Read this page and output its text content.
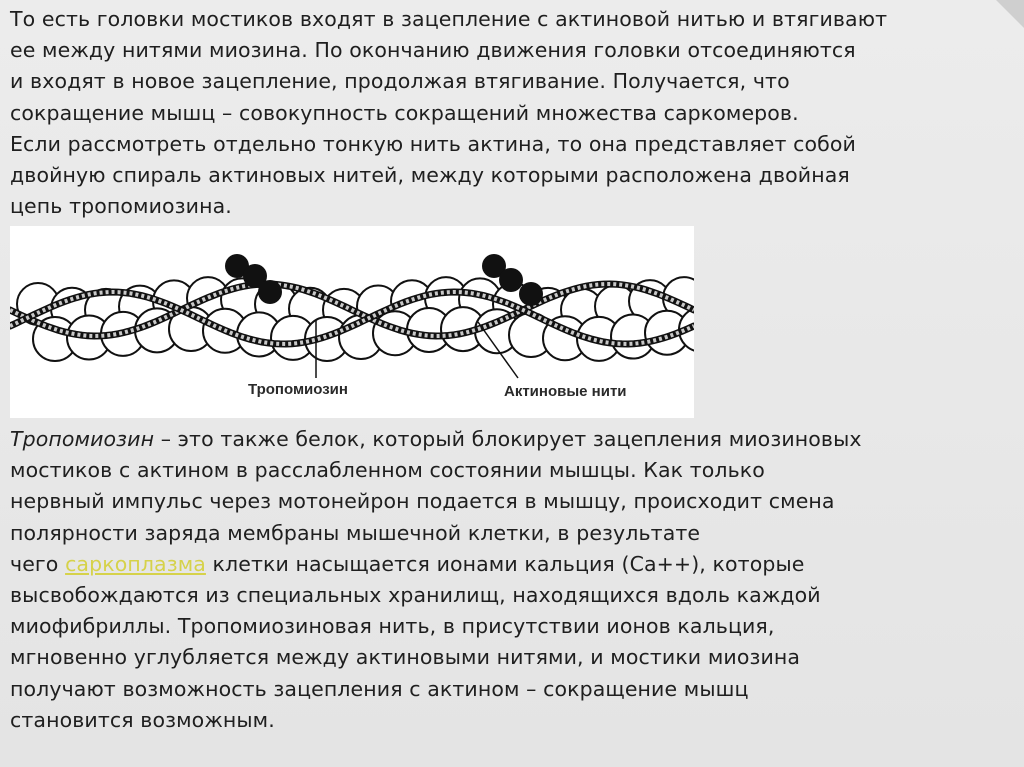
То есть головки мостиков входят в зацепление с актиновой нитью и втягивают
ее между нитями миозина. По окончанию движения головки отсоединяются
и входят в новое зацепление, продолжая втягивание. Получается, что
сокращение мышц – совокупность сокращений множества саркомеров.
Если рассмотреть отдельно тонкую нить актина, то она представляет собой
двойную спираль актиновых нитей, между которыми расположена двойная
цепь тропомиозина.
Тропомиозин	Актиновые нити
Тропомиозин – это также белок, который блокирует зацепления миозиновых
мостиков с актином в расслабленном состоянии мышцы. Как только
нервный импульс через мотонейрон подается в мышцу, происходит смена
полярности заряда мембраны мышечной клетки, в результате
чего саркоплазма клетки насыщается ионами кальция (Са++), которые
высвобождаются из специальных хранилищ, находящихся вдоль каждой
миофибриллы. Тропомиозиновая нить, в присутствии ионов кальция,
мгновенно углубляется между актиновыми нитями, и мостики миозина
получают возможность зацепления с актином – сокращение мышц
становится возможным.
